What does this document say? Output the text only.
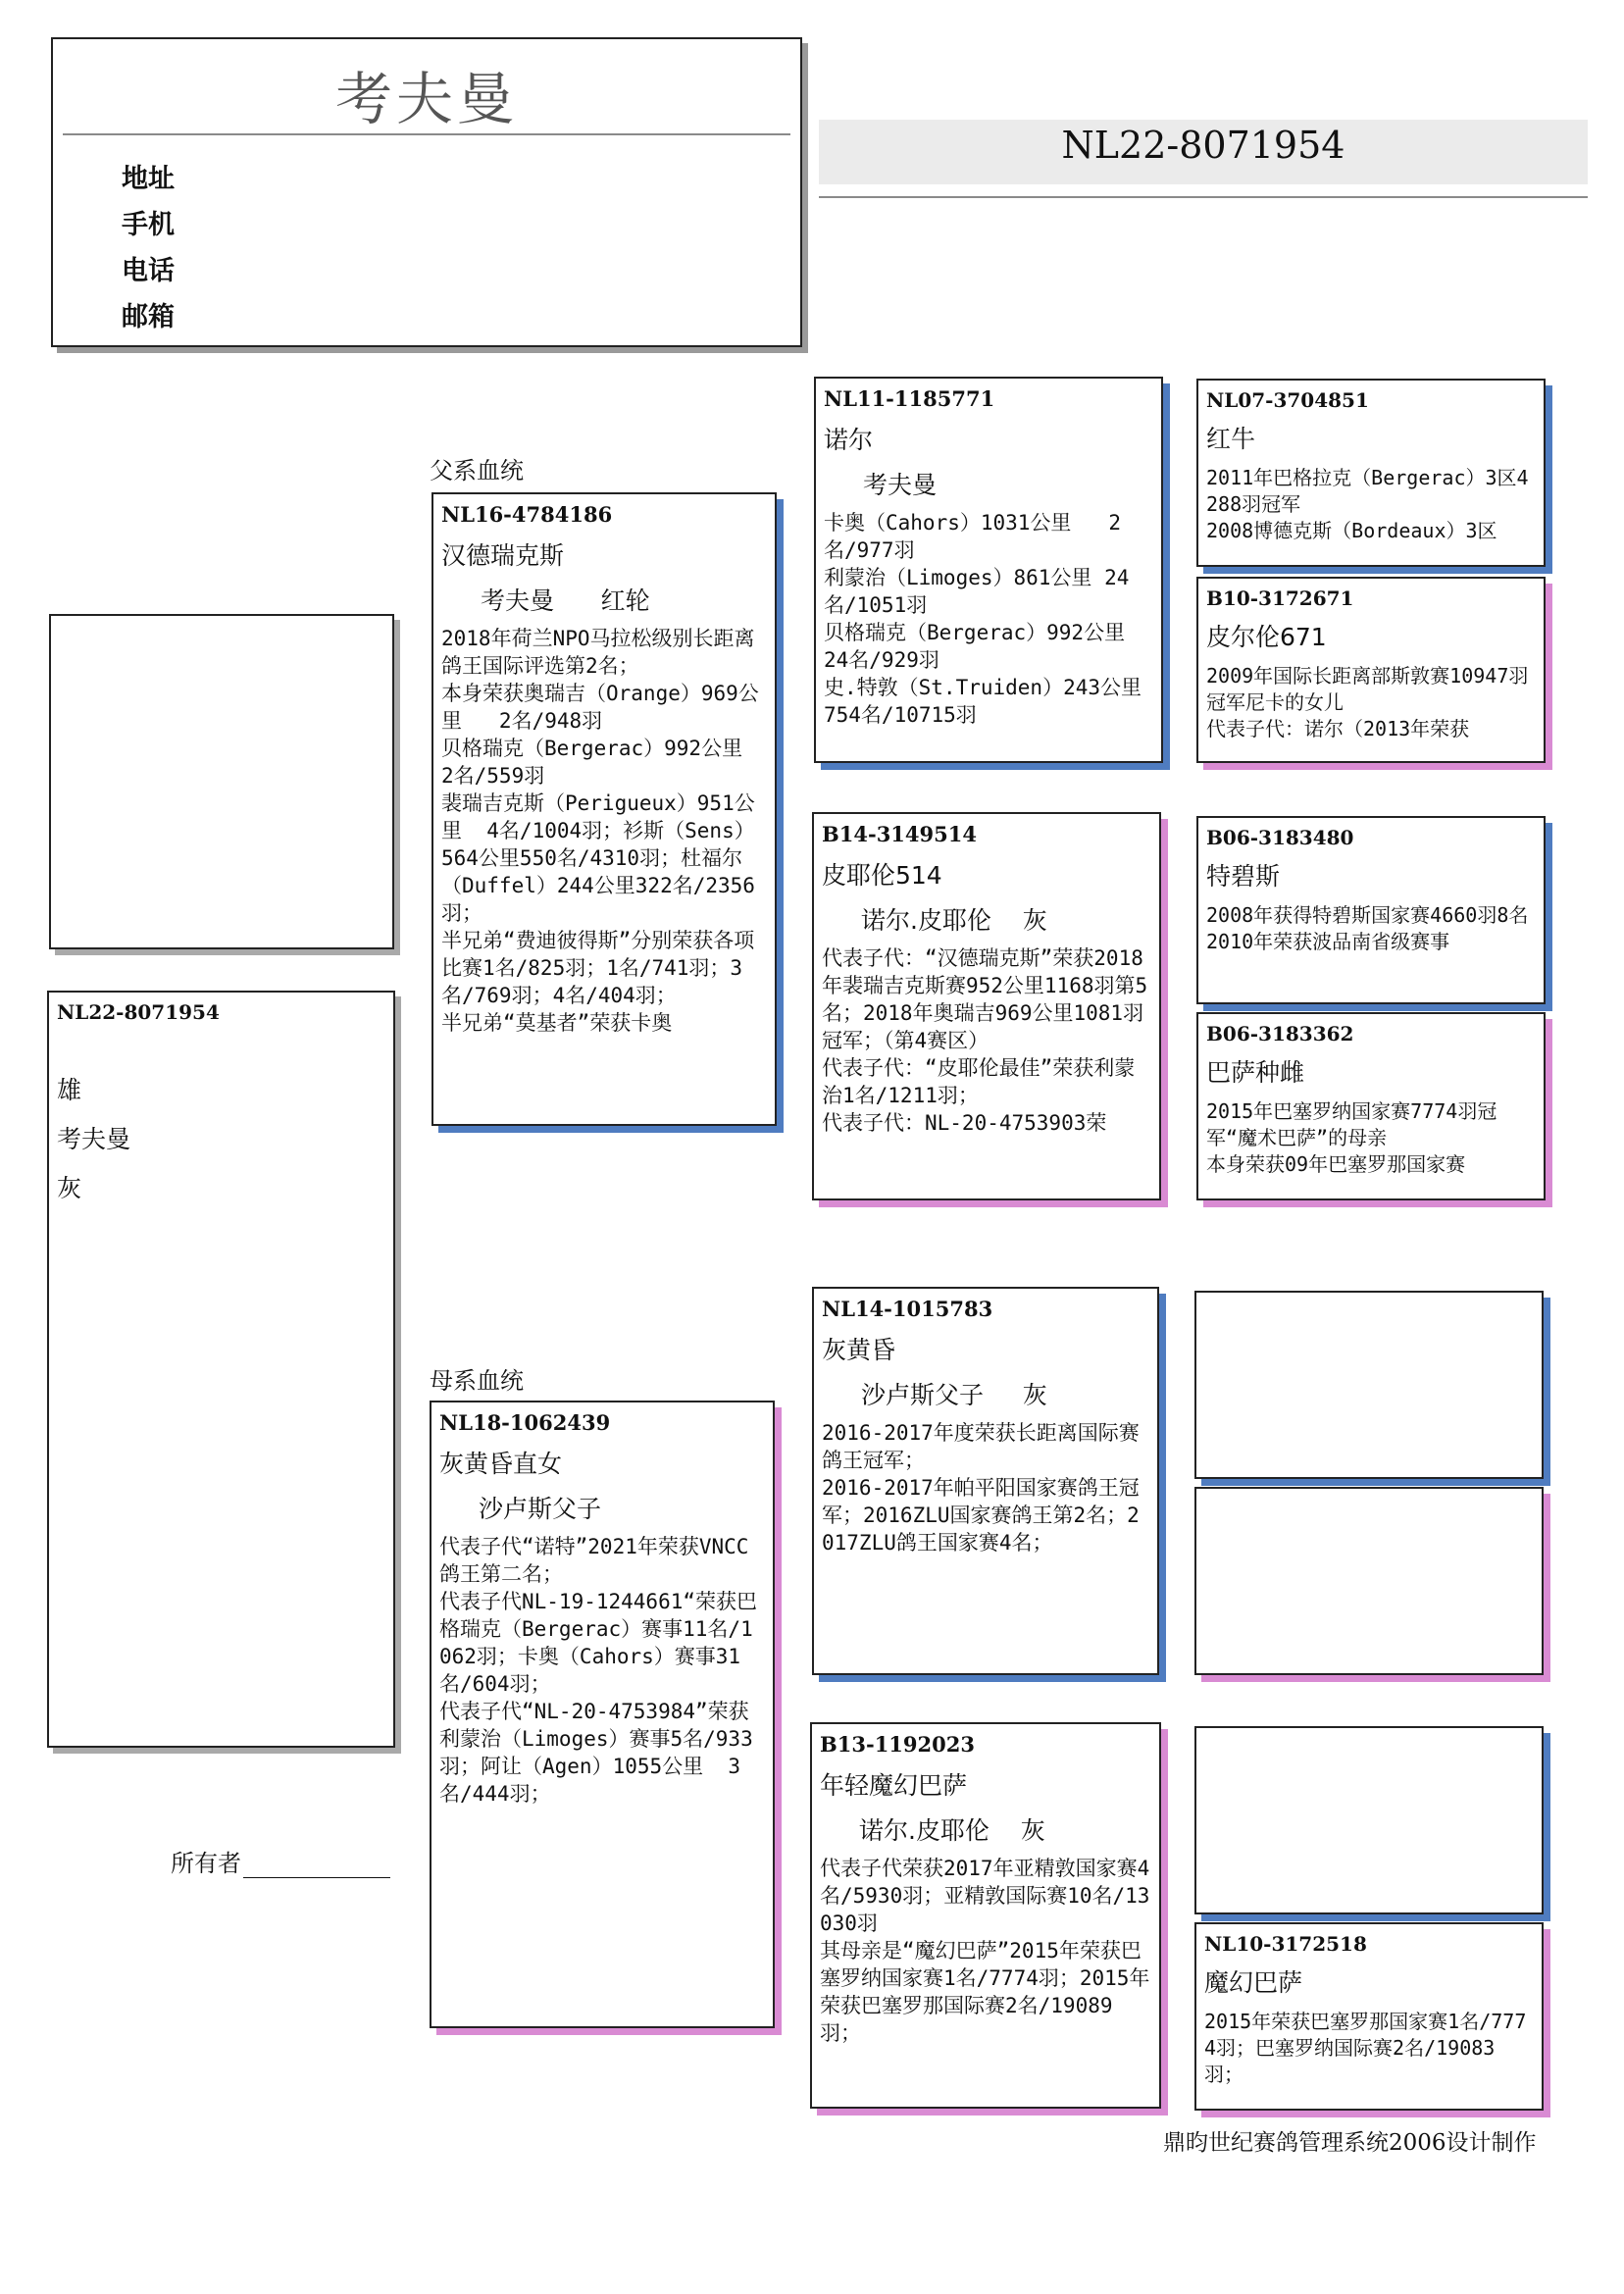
考夫曼
地址
手机
电话
邮箱
NL22-8071954
NL22-8071954
雄
考夫曼
灰
父系血统
母系血统
NL16-4784186
汉德瑞克斯
考夫曼      红轮
2018年荷兰NPO马拉松级别长距离鸽王国际评选第2名；
本身荣获奥瑞吉（Orange）969公里   2名/948羽
贝格瑞克（Bergerac）992公里  2名/559羽
裴瑞吉克斯（Perigueux）951公里  4名/1004羽；衫斯（Sens）564公里550名/4310羽；杜福尔（Duffel）244公里322名/2356羽；
半兄弟“费迪彼得斯”分别荣获各项比赛1名/825羽；1名/741羽；3名/769羽；4名/404羽；
半兄弟“莫基者”荣获卡奥
NL18-1062439
灰黄昏直女
沙卢斯父子
代表子代“诺特”2021年荣获VNCC鸽王第二名；
代表子代NL-19-1244661“荣获巴格瑞克（Bergerac）赛事11名/1062羽；卡奥（Cahors）赛事31名/604羽；
代表子代“NL-20-4753984”荣获利蒙治（Limoges）赛事5名/933羽；阿让（Agen）1055公里  3名/444羽；
NL11-1185771
诺尔
考夫曼
卡奥（Cahors）1031公里   2名/977羽
利蒙治（Limoges）861公里 24名/1051羽
贝格瑞克（Bergerac）992公里  24名/929羽
史.特敦（St.Truiden）243公里   754名/10715羽
B14-3149514
皮耶伦514
诺尔.皮耶伦    灰
代表子代：“汉德瑞克斯”荣获2018年裴瑞吉克斯赛952公里1168羽第5名；2018年奥瑞吉969公里1081羽冠军；（第4赛区）
代表子代：“皮耶伦最佳”荣获利蒙治1名/1211羽；
代表子代：NL-20-4753903荣
NL14-1015783
灰黄昏
沙卢斯父子     灰
2016-2017年度荣获长距离国际赛鸽王冠军；
2016-2017年帕平阳国家赛鸽王冠军；2016ZLU国家赛鸽王第2名；2017ZLU鸽王国家赛4名；
B13-1192023
年轻魔幻巴萨
诺尔.皮耶伦    灰
代表子代荣获2017年亚精敦国家赛4名/5930羽；亚精敦国际赛10名/13030羽
其母亲是“魔幻巴萨”2015年荣获巴塞罗纳国家赛1名/7774羽；2015年荣获巴塞罗那国际赛2名/19089羽；
NL07-3704851
红牛
2011年巴格拉克（Bergerac）3区4288羽冠军
2008博德克斯（Bordeaux）3区
B10-3172671
皮尔伦671
2009年国际长距离部斯敦赛10947羽冠军尼卡的女儿
代表子代：诺尔（2013年荣获
B06-3183480
特碧斯
2008年获得特碧斯国家赛4660羽8名
2010年荣获波品南省级赛事
B06-3183362
巴萨种雌
2015年巴塞罗纳国家赛7774羽冠军“魔术巴萨”的母亲
本身荣获09年巴塞罗那国家赛
NL10-3172518
魔幻巴萨
2015年荣获巴塞罗那国家赛1名/7774羽；巴塞罗纳国际赛2名/19083羽；
所有者
鼎昀世纪赛鸽管理系统2006设计制作
